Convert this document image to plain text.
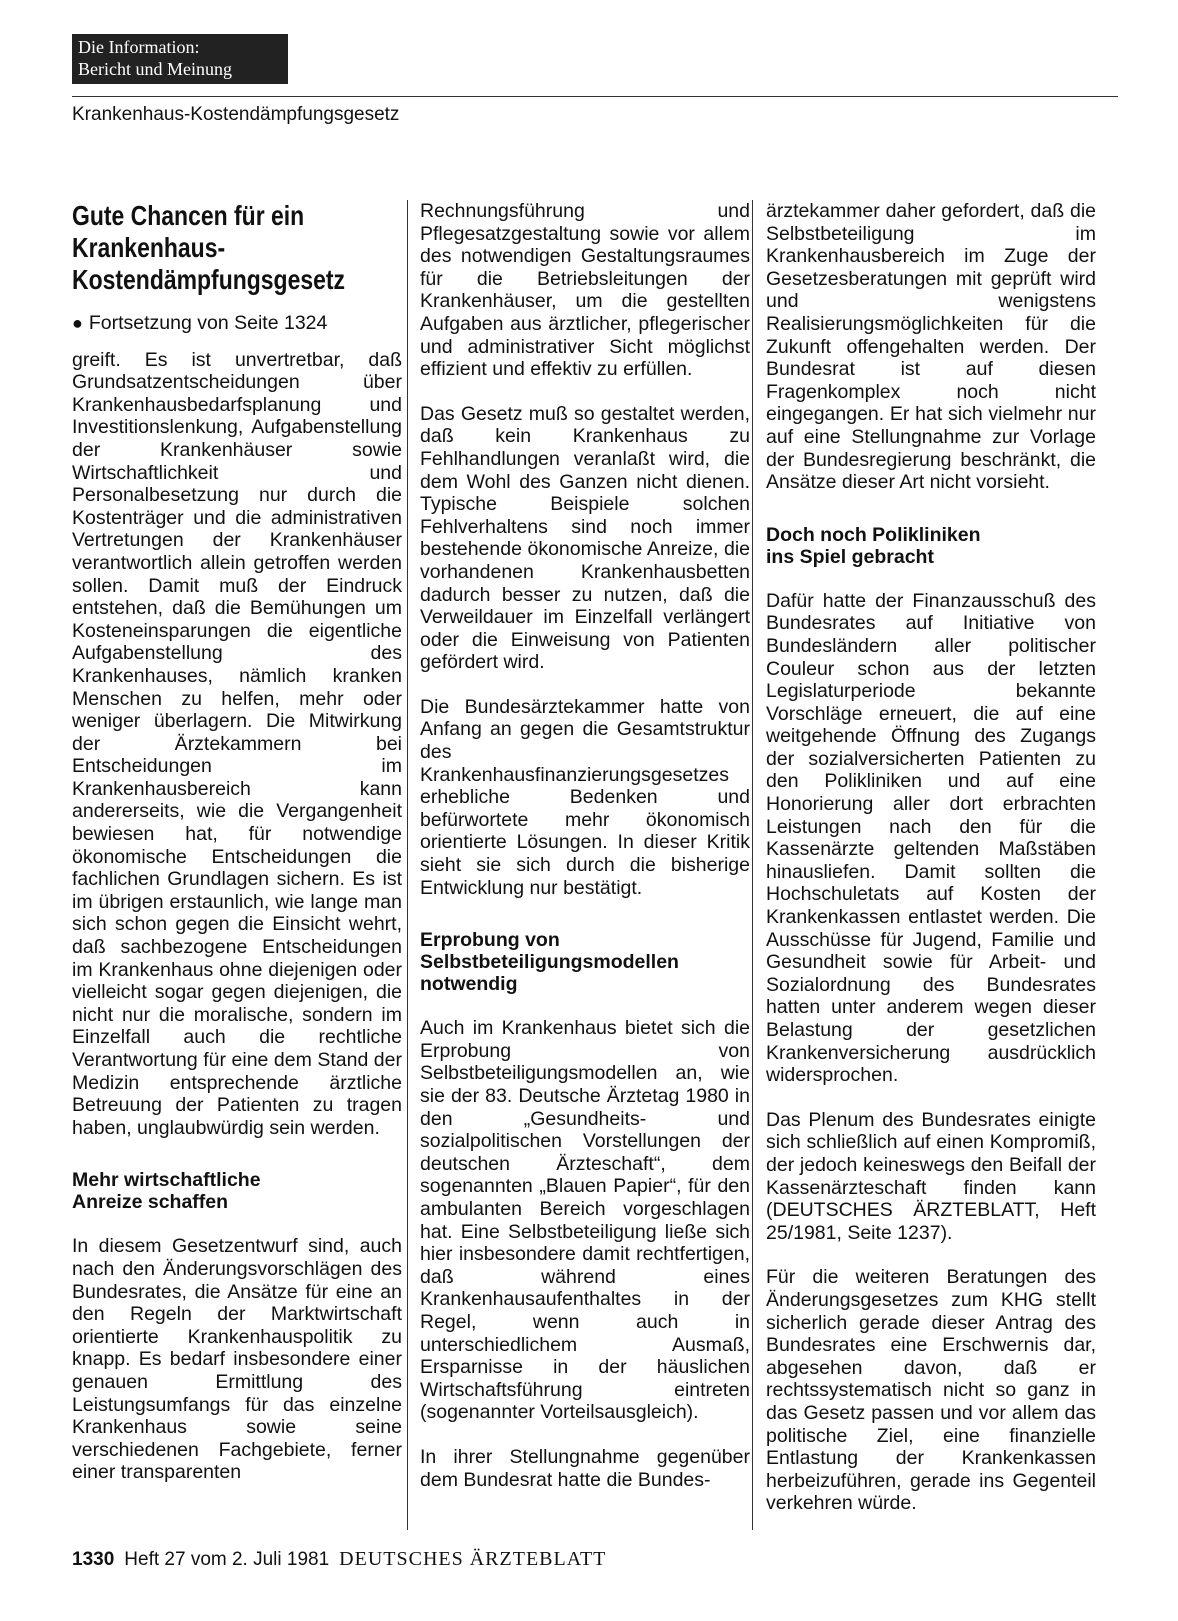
Die Information:
Bericht und Meinung
Krankenhaus-Kostendämpfungsgesetz
Gute Chancen für ein
Krankenhaus-
Kostendämpfungsgesetz
● Fortsetzung von Seite 1324

greift. Es ist unvertretbar, daß Grundsatzentscheidungen über Krankenhausbedarfsplanung und Investitionslenkung, Aufgabenstellung der Krankenhäuser sowie Wirtschaftlichkeit und Personalbesetzung nur durch die Kostenträger und die administrativen Vertretungen der Krankenhäuser verantwortlich allein getroffen werden sollen. Damit muß der Eindruck entstehen, daß die Bemühungen um Kosteneinsparungen die eigentliche Aufgabenstellung des Krankenhauses, nämlich kranken Menschen zu helfen, mehr oder weniger überlagern. Die Mitwirkung der Ärztekammern bei Entscheidungen im Krankenhausbereich kann andererseits, wie die Vergangenheit bewiesen hat, für notwendige ökonomische Entscheidungen die fachlichen Grundlagen sichern. Es ist im übrigen erstaunlich, wie lange man sich schon gegen die Einsicht wehrt, daß sachbezogene Entscheidungen im Krankenhaus ohne diejenigen oder vielleicht sogar gegen diejenigen, die nicht nur die moralische, sondern im Einzelfall auch die rechtliche Verantwortung für eine dem Stand der Medizin entsprechende ärztliche Betreuung der Patienten zu tragen haben, unglaubwürdig sein werden.

Mehr wirtschaftliche
Anreize schaffen

In diesem Gesetzentwurf sind, auch nach den Änderungsvorschlägen des Bundesrates, die Ansätze für eine an den Regeln der Marktwirtschaft orientierte Krankenhauspolitik zu knapp. Es bedarf insbesondere einer genauen Ermittlung des Leistungsumfangs für das einzelne Krankenhaus sowie seine verschiedenen Fachgebiete, ferner einer transparenten

Rechnungsführung und Pflegesatzgestaltung sowie vor allem des notwendigen Gestaltungsraumes für die Betriebsleitungen der Krankenhäuser, um die gestellten Aufgaben aus ärztlicher, pflegerischer und administrativer Sicht möglichst effizient und effektiv zu erfüllen.

Das Gesetz muß so gestaltet werden, daß kein Krankenhaus zu Fehlhandlungen veranlaßt wird, die dem Wohl des Ganzen nicht dienen. Typische Beispiele solchen Fehlverhaltens sind noch immer bestehende ökonomische Anreize, die vorhandenen Krankenhausbetten dadurch besser zu nutzen, daß die Verweildauer im Einzelfall verlängert oder die Einweisung von Patienten gefördert wird.

Die Bundesärztekammer hatte von Anfang an gegen die Gesamtstruktur des Krankenhausfinanzierungsgesetzes erhebliche Bedenken und befürwortete mehr ökonomisch orientierte Lösungen. In dieser Kritik sieht sie sich durch die bisherige Entwicklung nur bestätigt.

Erprobung von
Selbstbeteiligungsmodellen
notwendig

Auch im Krankenhaus bietet sich die Erprobung von Selbstbeteiligungsmodellen an, wie sie der 83. Deutsche Ärztetag 1980 in den „Gesundheits- und sozialpolitischen Vorstellungen der deutschen Ärzteschaft“, dem sogenannten „Blauen Papier“, für den ambulanten Bereich vorgeschlagen hat. Eine Selbstbeteiligung ließe sich hier insbesondere damit rechtfertigen, daß während eines Krankenhausaufenthaltes in der Regel, wenn auch in unterschiedlichem Ausmaß, Ersparnisse in der häuslichen Wirtschaftsführung eintreten (sogenannter Vorteilsausgleich).

In ihrer Stellungnahme gegenüber dem Bundesrat hatte die Bundes-

ärztekammer daher gefordert, daß die Selbstbeteiligung im Krankenhausbereich im Zuge der Gesetzesberatungen mit geprüft wird und wenigstens Realisierungsmöglichkeiten für die Zukunft offengehalten werden. Der Bundesrat ist auf diesen Fragenkomplex noch nicht eingegangen. Er hat sich vielmehr nur auf eine Stellungnahme zur Vorlage der Bundesregierung beschränkt, die Ansätze dieser Art nicht vorsieht.

Doch noch Polikliniken
ins Spiel gebracht

Dafür hatte der Finanzausschuß des Bundesrates auf Initiative von Bundesländern aller politischer Couleur schon aus der letzten Legislaturperiode bekannte Vorschläge erneuert, die auf eine weitgehende Öffnung des Zugangs der sozialversicherten Patienten zu den Polikliniken und auf eine Honorierung aller dort erbrachten Leistungen nach den für die Kassenärzte geltenden Maßstäben hinausliefen. Damit sollten die Hochschuletats auf Kosten der Krankenkassen entlastet werden. Die Ausschüsse für Jugend, Familie und Gesundheit sowie für Arbeit- und Sozialordnung des Bundesrates hatten unter anderem wegen dieser Belastung der gesetzlichen Krankenversicherung ausdrücklich widersprochen.

Das Plenum des Bundesrates einigte sich schließlich auf einen Kompromiß, der jedoch keineswegs den Beifall der Kassenärzteschaft finden kann (DEUTSCHES ÄRZTEBLATT, Heft 25/1981, Seite 1237).

Für die weiteren Beratungen des Änderungsgesetzes zum KHG stellt sicherlich gerade dieser Antrag des Bundesrates eine Erschwernis dar, abgesehen davon, daß er rechtssystematisch nicht so ganz in das Gesetz passen und vor allem das politische Ziel, eine finanzielle Entlastung der Krankenkassen herbeizuführen, gerade ins Gegenteil verkehren würde.

1330 Heft 27 vom 2. Juli 1981 DEUTSCHES ÄRZTEBLATT
